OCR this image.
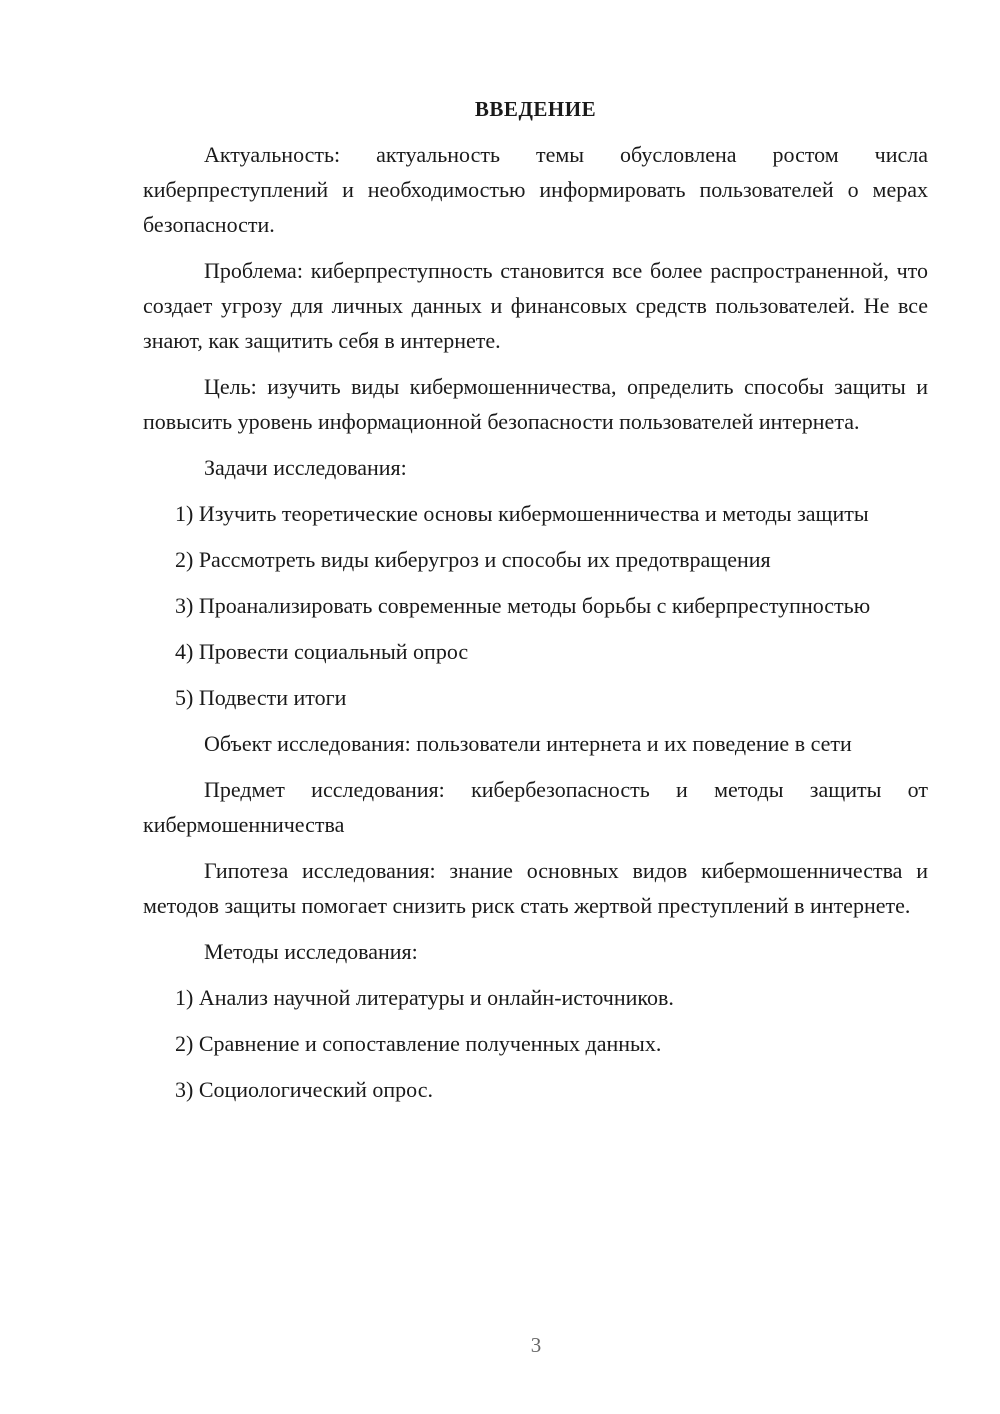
ВВЕДЕНИЕ

Актуальность: актуальность темы обусловлена ростом числа киберпреступлений и необходимостью информировать пользователей о мерах безопасности.

Проблема: киберпреступность становится все более распространенной, что создает угрозу для личных данных и финансовых средств пользователей. Не все знают, как защитить себя в интернете.

Цель: изучить виды кибермошенничества, определить способы защиты и повысить уровень информационной безопасности пользователей интернета.

Задачи исследования:

1) Изучить теоретические основы кибермошенничества и методы защиты

2) Рассмотреть виды киберугроз и способы их предотвращения

3) Проанализировать современные методы борьбы с киберпреступностью

4) Провести социальный опрос

5) Подвести итоги

Объект исследования: пользователи интернета и их поведение в сети

Предмет исследования: кибербезопасность и методы защиты от кибермошенничества

Гипотеза исследования: знание основных видов кибермошенничества и методов защиты помогает снизить риск стать жертвой преступлений в интернете.

Методы исследования:

1) Анализ научной литературы и онлайн-источников.

2) Сравнение и сопоставление полученных данных.

3) Социологический опрос.

3
